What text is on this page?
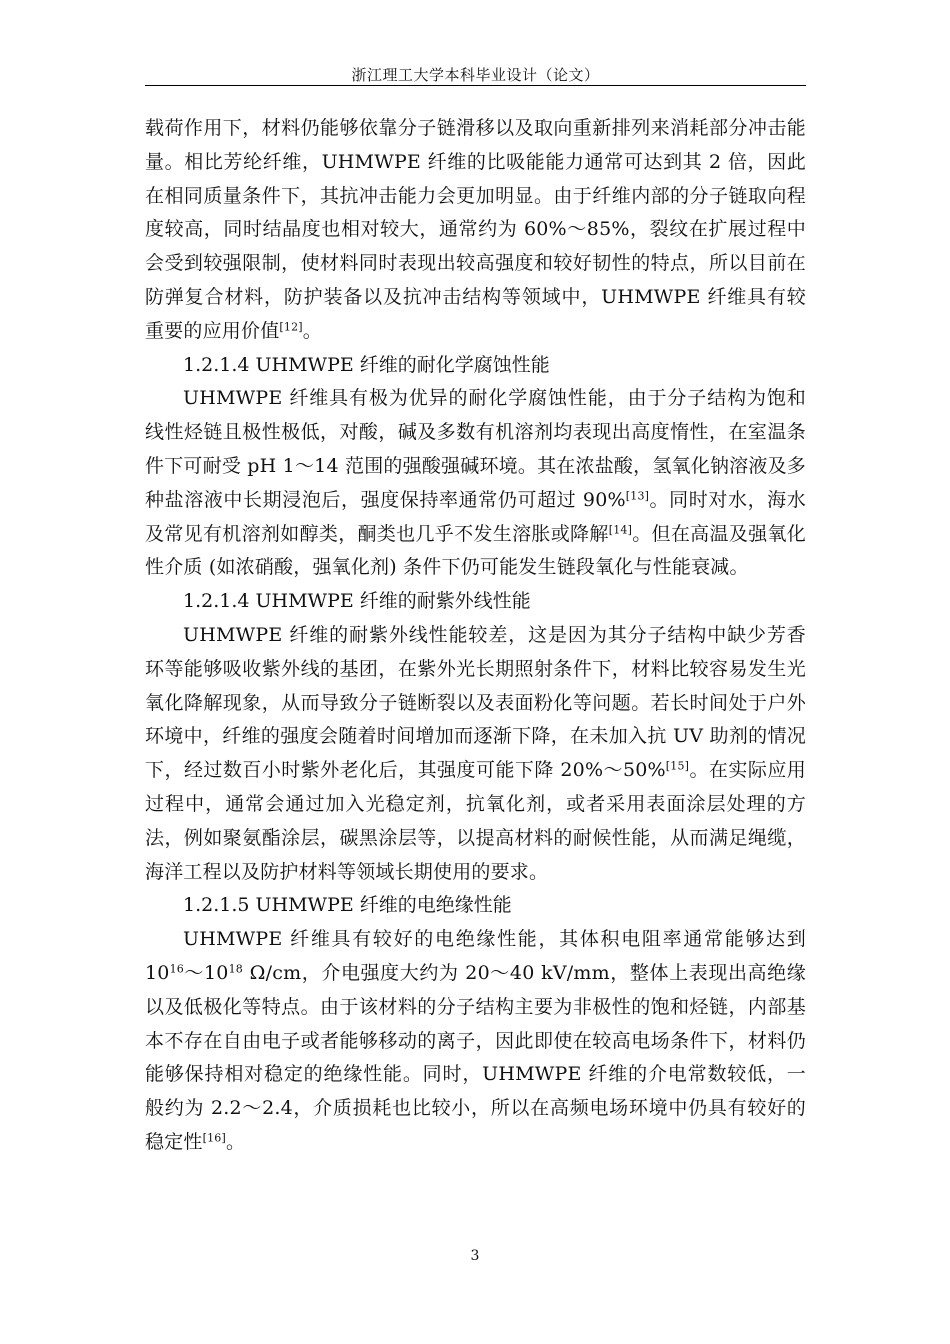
浙江理工大学本科毕业设计（论文）

载荷作用下，材料仍能够依靠分子链滑移以及取向重新排列来消耗部分冲击能量。相比芳纶纤维，UHMWPE 纤维的比吸能能力通常可达到其 2 倍，因此在相同质量条件下，其抗冲击能力会更加明显。由于纤维内部的分子链取向程度较高，同时结晶度也相对较大，通常约为 60%～85%，裂纹在扩展过程中会受到较强限制，使材料同时表现出较高强度和较好韧性的特点，所以目前在防弹复合材料，防护装备以及抗冲击结构等领域中，UHMWPE 纤维具有较重要的应用价值[12]。

1.2.1.4 UHMWPE 纤维的耐化学腐蚀性能

UHMWPE 纤维具有极为优异的耐化学腐蚀性能，由于分子结构为饱和线性烃链且极性极低，对酸，碱及多数有机溶剂均表现出高度惰性，在室温条件下可耐受 pH 1～14 范围的强酸强碱环境。其在浓盐酸，氢氧化钠溶液及多种盐溶液中长期浸泡后，强度保持率通常仍可超过 90%[13]。同时对水，海水及常见有机溶剂如醇类，酮类也几乎不发生溶胀或降解[14]。但在高温及强氧化性介质 (如浓硝酸，强氧化剂) 条件下仍可能发生链段氧化与性能衰减。

1.2.1.4 UHMWPE 纤维的耐紫外线性能

UHMWPE 纤维的耐紫外线性能较差，这是因为其分子结构中缺少芳香环等能够吸收紫外线的基团，在紫外光长期照射条件下，材料比较容易发生光氧化降解现象，从而导致分子链断裂以及表面粉化等问题。若长时间处于户外环境中，纤维的强度会随着时间增加而逐渐下降，在未加入抗 UV 助剂的情况下，经过数百小时紫外老化后，其强度可能下降 20%～50%[15]。在实际应用过程中，通常会通过加入光稳定剂，抗氧化剂，或者采用表面涂层处理的方法，例如聚氨酯涂层，碳黑涂层等，以提高材料的耐候性能，从而满足绳缆，海洋工程以及防护材料等领域长期使用的要求。

1.2.1.5 UHMWPE 纤维的电绝缘性能

UHMWPE 纤维具有较好的电绝缘性能，其体积电阻率通常能够达到 $10^{16}\sim 10^{18}$ Ω/cm，介电强度大约为 20～40 kV/mm，整体上表现出高绝缘以及低极化等特点。由于该材料的分子结构主要为非极性的饱和烃链，内部基本不存在自由电子或者能够移动的离子，因此即使在较高电场条件下，材料仍能够保持相对稳定的绝缘性能。同时，UHMWPE 纤维的介电常数较低，一般约为 2.2～2.4，介质损耗也比较小，所以在高频电场环境中仍具有较好的稳定性[16]。

3
